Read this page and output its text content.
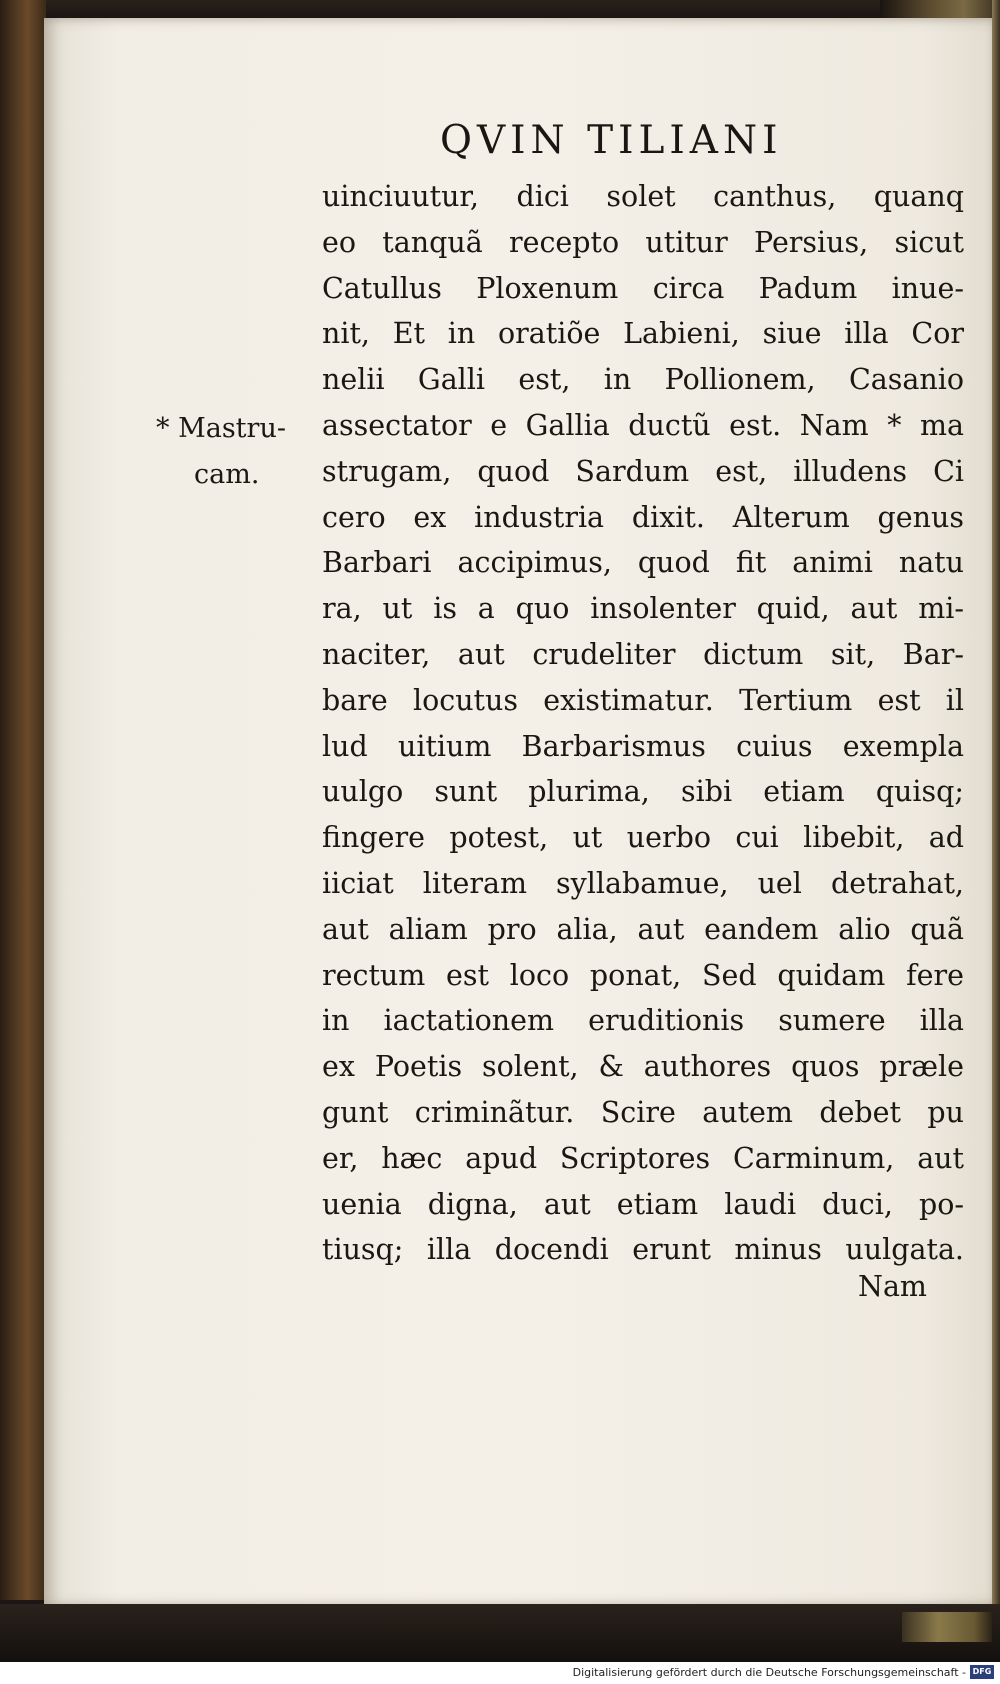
QVIN TILIANI
* Mastru-
cam.
uinciuutur, dici solet canthus, quanq
eo tanquã recepto utitur Persius, sicut
Catullus Ploxenum circa Padum inue-
nit, Et in oratiõe Labieni, siue illa Cor
nelii Galli est, in Pollionem, Casanio
assectator e Gallia ductũ est. Nam * ma
strugam, quod Sardum est, illudens Ci
cero ex industria dixit. Alterum genus
Barbari accipimus, quod fit animi natu
ra, ut is a quo insolenter quid, aut mi-
naciter, aut crudeliter dictum sit, Bar-
bare locutus existimatur. Tertium est il
lud uitium Barbarismus cuius exempla
uulgo sunt plurima, sibi etiam quisq;
fingere potest, ut uerbo cui libebit, ad
iiciat literam syllabamue, uel detrahat,
aut aliam pro alia, aut eandem alio quã
rectum est loco ponat, Sed quidam fere
in iactationem eruditionis sumere illa
ex Poetis solent, & authores quos præle
gunt criminãtur. Scire autem debet pu
er, hæc apud Scriptores Carminum, aut
uenia digna, aut etiam laudi duci, po-
tiusq; illa docendi erunt minus uulgata.
Nam
Digitalisierung gefördert durch die Deutsche Forschungsgemeinschaft - DFG
